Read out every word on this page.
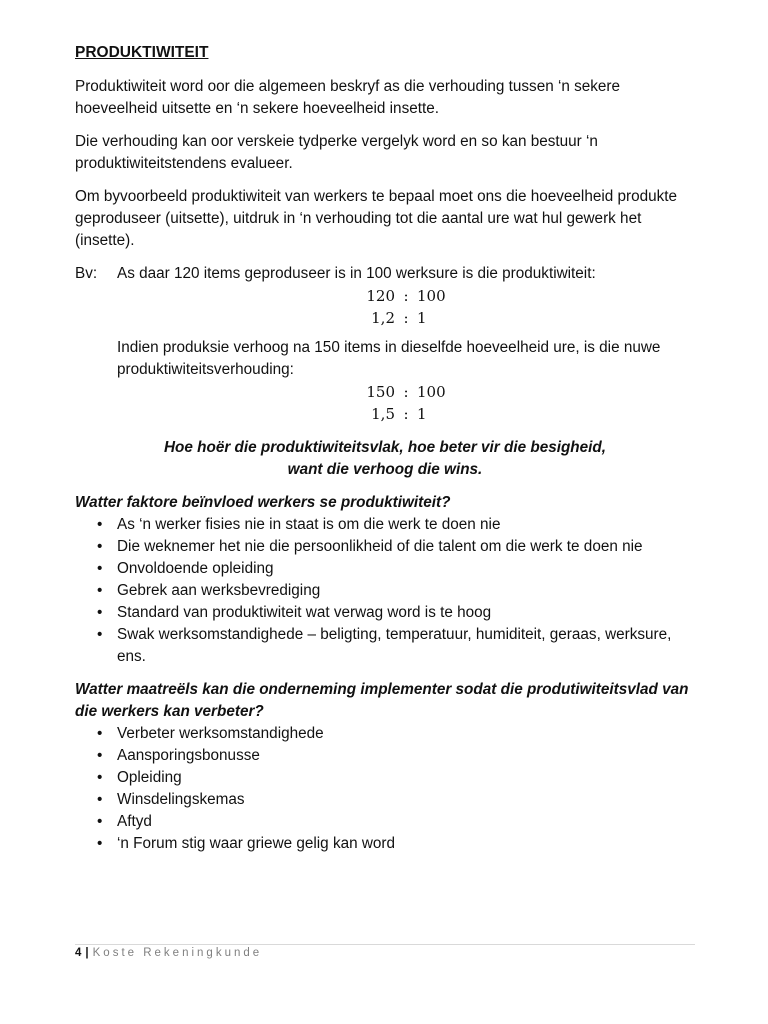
PRODUKTIWITEIT

Produktiwiteit word oor die algemeen beskryf as die verhouding tussen ‘n sekere hoeveelheid uitsette en ‘n sekere hoeveelheid insette.

Die verhouding kan oor verskeie tydperke vergelyk word en so kan bestuur ‘n produktiwiteitstendens evalueer.

Om byvoorbeeld produktiwiteit van werkers te bepaal moet ons die hoeveelheid produkte geproduseer (uitsette), uitdruk in ‘n verhouding tot die aantal ure wat hul gewerk het (insette).

Bv:	As daar 120 items geproduseer is in 100 werksure is die produktiwiteit:
120 : 100
1,2 : 1
Indien produksie verhoog na 150 items in dieselfde hoeveelheid ure, is die nuwe produktiwiteitsverhouding:
150 : 100
1,5 : 1
Hoe hoër die produktiwiteitsvlak, hoe beter vir die besigheid,
want die verhoog die wins.
Watter faktore beïnvloed werkers se produktiwiteit?
• As ‘n werker fisies nie in staat is om die werk te doen nie
• Die weknemer het nie die persoonlikheid of die talent om die werk te doen nie
• Onvoldoende opleiding
• Gebrek aan werksbevrediging
• Standard van produktiwiteit wat verwag word is te hoog
• Swak werksomstandighede – beligting, temperatuur, humiditeit, geraas, werksure, ens.
Watter maatreëls kan die onderneming implementer sodat die produtiwiteitsvlad van die werkers kan verbeter?
• Verbeter werksomstandighede
• Aansporingsbonusse
• Opleiding
• Winsdelingskemas
• Aftyd
• ‘n Forum stig waar griewe gelig kan word
4 | Koste Rekeningkunde
